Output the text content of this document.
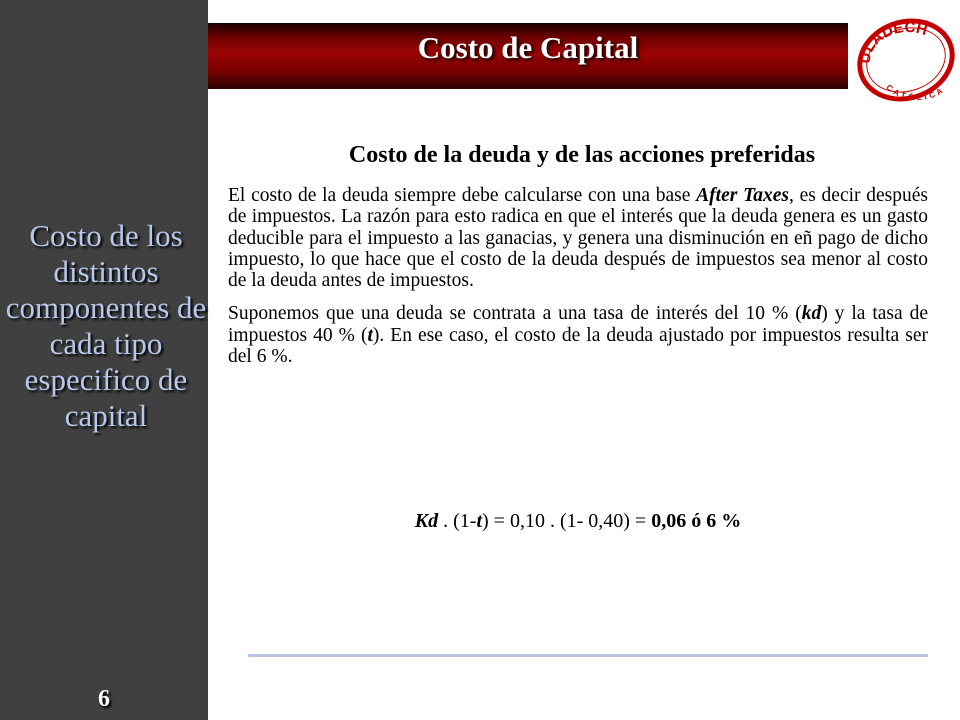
Costo de los distintos componentes de cada tipo especifico de capital
6
Costo de Capital	ULADECH
CATÓLICA
Costo de la deuda y de las acciones preferidas

El costo de la deuda siempre debe calcularse con una base After Taxes, es decir después de impuestos. La razón para esto radica en que el interés que la deuda genera es un gasto deducible para el impuesto a las ganacias, y genera una disminución en eñ pago de dicho impuesto, lo que hace que el costo de la deuda después de impuestos sea menor al costo de la deuda antes de impuestos.

Suponemos que una deuda se contrata a una tasa de interés del 10 % (kd) y la tasa de impuestos 40 % (t). En ese caso, el costo de la deuda ajustado por impuestos resulta ser del 6 %.

Kd . (1-t) = 0,10 . (1- 0,40) = 0,06 ó 6 %
